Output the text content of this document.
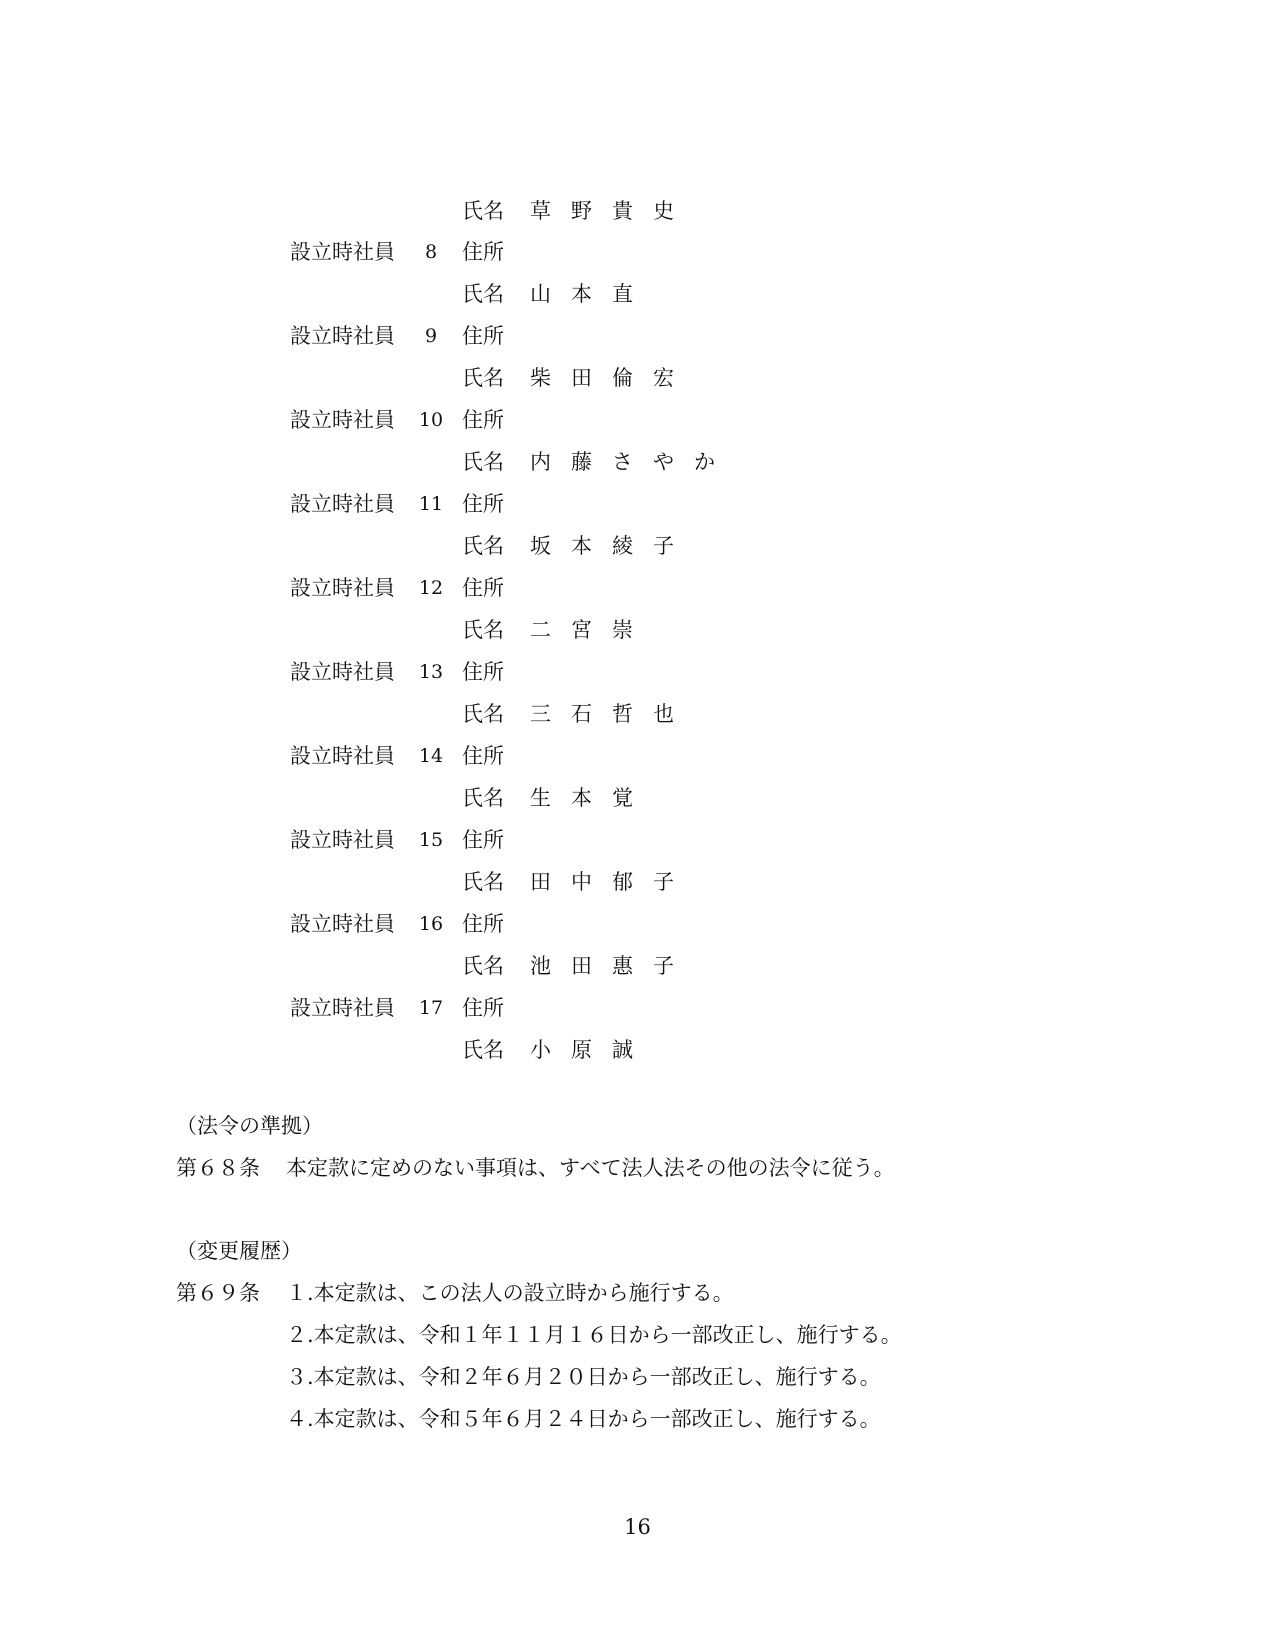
氏名 草野貴史
設立時社員	8	住所
氏名 山本直
設立時社員	9	住所
氏名 柴田倫宏
設立時社員 10 住所
氏名 内藤さやか
設立時社員 11 住所
氏名 坂本綾子
設立時社員 12 住所
氏名 二宮崇
設立時社員 13 住所
氏名 三石哲也
設立時社員 14 住所
氏名 生本覚
設立時社員 15 住所
氏名 田中郁子
設立時社員 16 住所
氏名 池田惠子
設立時社員 17 住所
氏名 小原誠
（法令の準拠）
第６８条 本定款に定めのない事項は、すべて法人法その他の法令に従う。
（変更履歴）
第６９条 １.本定款は、この法人の設立時から施行する。
２.本定款は、令和１年１１月１６日から一部改正し、施行する。
３.本定款は、令和２年６月２０日から一部改正し、施行する。
４.本定款は、令和５年６月２４日から一部改正し、施行する。
16
